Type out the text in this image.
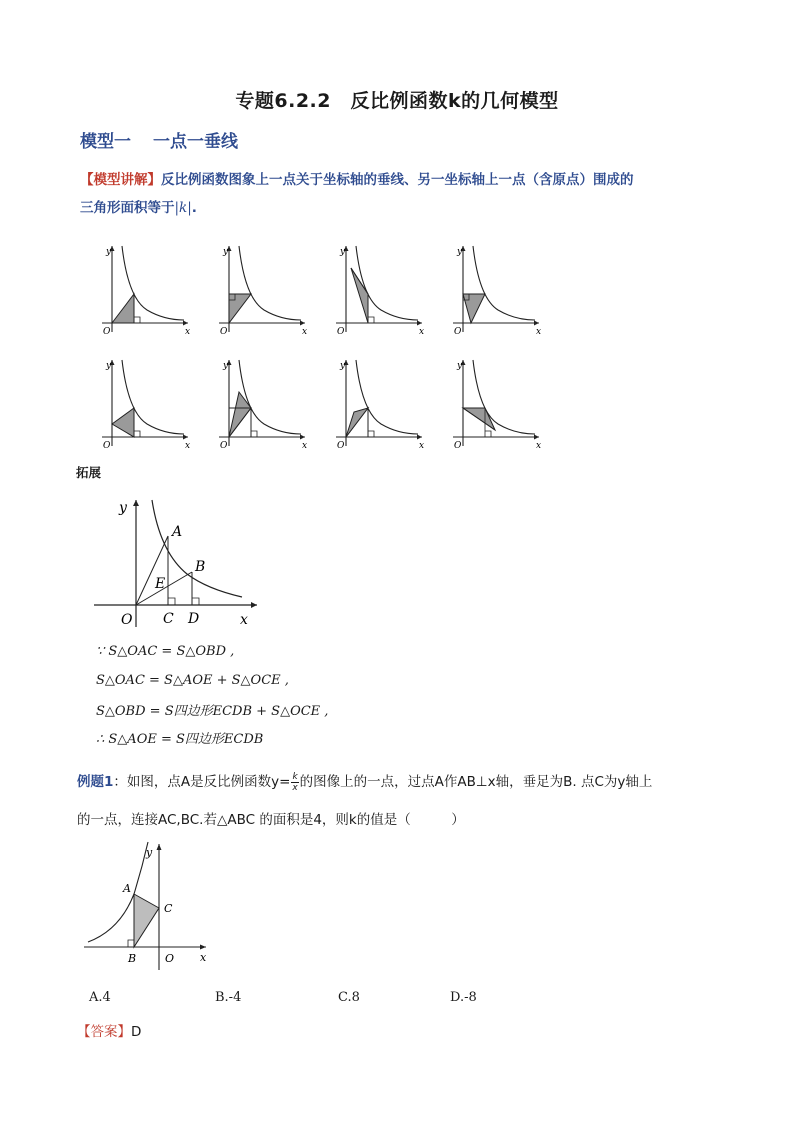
专题6.2.2　反比例函数k的几何模型
模型一 一点一垂线
【模型讲解】反比例函数图象上一点关于坐标轴的垂线、另一坐标轴上一点（含原点）围成的
三角形面积等于|k|.
y
x
O
y
x
O
y
x
O
y
x
O
y
x
O
y
x
O
y
x
O
y
x
O
拓展
y
x
O
A
B
C D
E
∵ S△OAC = S△OBD ,
S△OAC = S△AOE + S△OCE ,
S△OBD = S四边形ECDB + S△OCE ,
∴ S△AOE = S四边形ECDB
例题1：如图，点A是反比例函数$y= \frac{k}{x}$ 的图像上的一点，过点A作AB⊥x轴，垂足为B. 点C为y轴上
的一点，连接AC,BC.若△ABC 的面积是4，则k的值是（　　　）
y
x
A
C
B	O
A.4	B.-4	C.8	D.-8
【答案】D
